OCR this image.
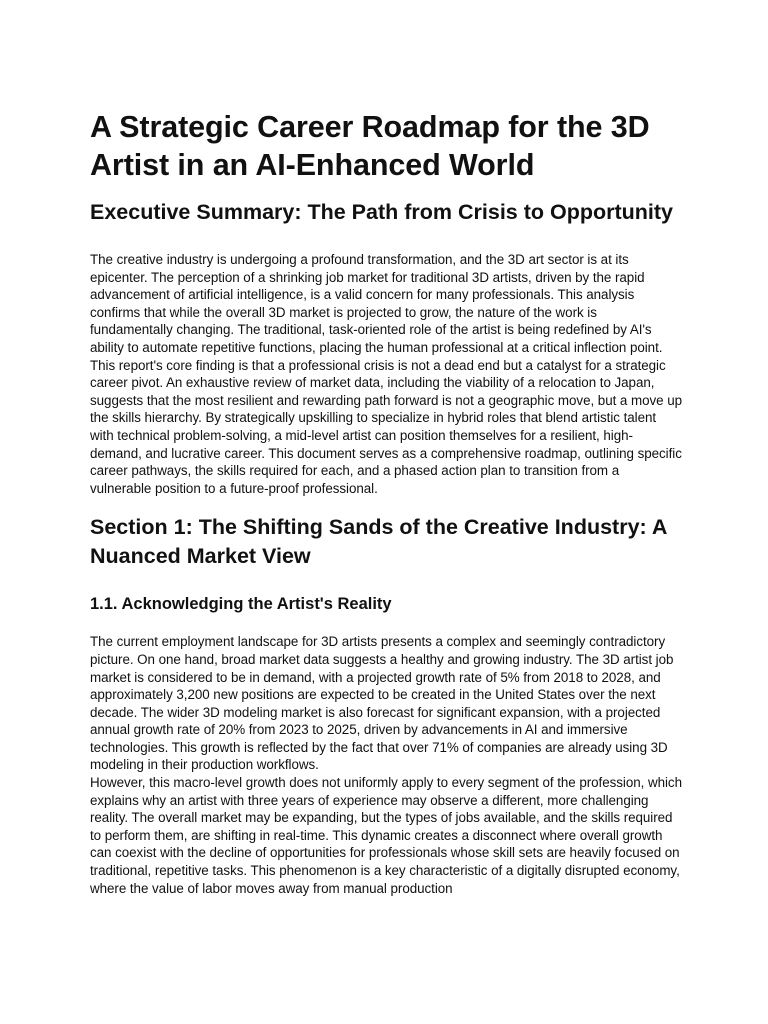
A Strategic Career Roadmap for the 3D Artist in an AI-Enhanced World
Executive Summary: The Path from Crisis to Opportunity

The creative industry is undergoing a profound transformation, and the 3D art sector is at its epicenter. The perception of a shrinking job market for traditional 3D artists, driven by the rapid advancement of artificial intelligence, is a valid concern for many professionals. This analysis confirms that while the overall 3D market is projected to grow, the nature of the work is fundamentally changing. The traditional, task-oriented role of the artist is being redefined by AI's ability to automate repetitive functions, placing the human professional at a critical inflection point.

This report's core finding is that a professional crisis is not a dead end but a catalyst for a strategic career pivot. An exhaustive review of market data, including the viability of a relocation to Japan, suggests that the most resilient and rewarding path forward is not a geographic move, but a move up the skills hierarchy. By strategically upskilling to specialize in hybrid roles that blend artistic talent with technical problem-solving, a mid-level artist can position themselves for a resilient, high-demand, and lucrative career. This document serves as a comprehensive roadmap, outlining specific career pathways, the skills required for each, and a phased action plan to transition from a vulnerable position to a future-proof professional.

Section 1: The Shifting Sands of the Creative Industry: A Nuanced Market View
1.1. Acknowledging the Artist's Reality

The current employment landscape for 3D artists presents a complex and seemingly contradictory picture. On one hand, broad market data suggests a healthy and growing industry. The 3D artist job market is considered to be in demand, with a projected growth rate of 5% from 2018 to 2028, and approximately 3,200 new positions are expected to be created in the United States over the next decade. The wider 3D modeling market is also forecast for significant expansion, with a projected annual growth rate of 20% from 2023 to 2025, driven by advancements in AI and immersive technologies. This growth is reflected by the fact that over 71% of companies are already using 3D modeling in their production workflows.

However, this macro-level growth does not uniformly apply to every segment of the profession, which explains why an artist with three years of experience may observe a different, more challenging reality. The overall market may be expanding, but the types of jobs available, and the skills required to perform them, are shifting in real-time. This dynamic creates a disconnect where overall growth can coexist with the decline of opportunities for professionals whose skill sets are heavily focused on traditional, repetitive tasks. This phenomenon is a key characteristic of a digitally disrupted economy, where the value of labor moves away from manual production
